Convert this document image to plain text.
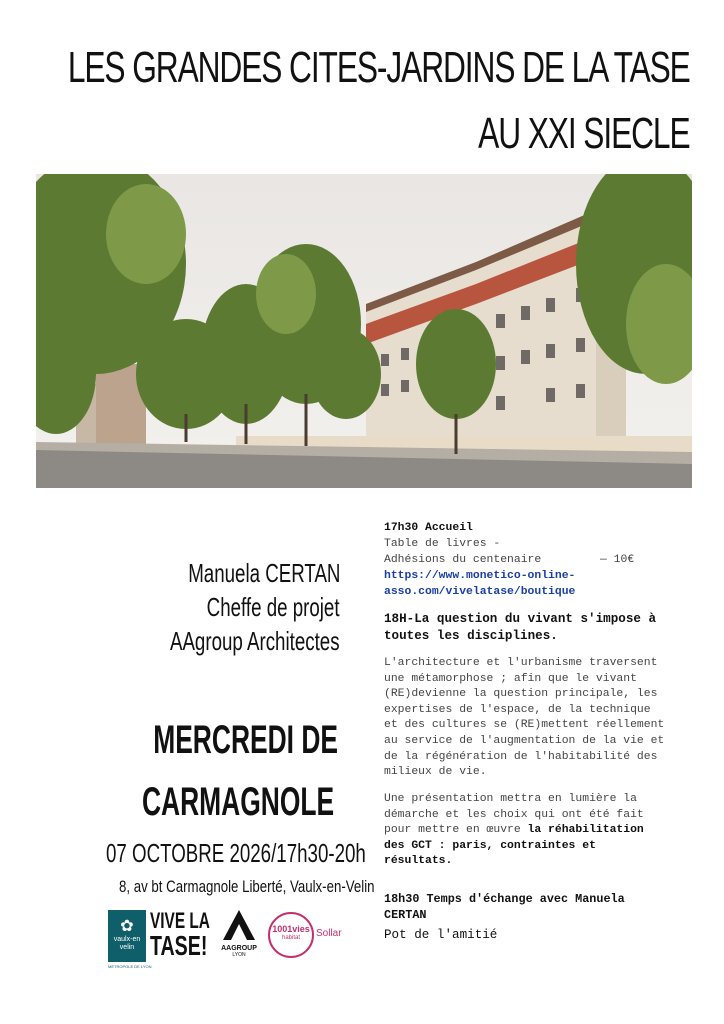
LES GRANDES CITES-JARDINS DE LA TASE
AU XXI SIECLE
Manuela CERTAN
Cheffe de projet
AAgroup Architectes
MERCREDI DE
CARMAGNOLE
07 OCTOBRE 2026/17h30-20h
8, av bt Carmagnole Liberté, Vaulx-en-Velin
✿
vaulx-en
velin
MÉTROPOLE DE LYON
VIVE LA
TASE!	AAGROUP
LYON
1001vies
habitat	Sollar
17h30 Accueil
Table de livres -
Adhésions du centenaire	— 10€
https://www.monetico-online-
asso.com/vivelatase/boutique
18H-La question du vivant s'impose à
toutes les disciplines.
L'architecture et l'urbanisme traversent
une métamorphose ; afin que le vivant
(RE)devienne la question principale, les
expertises de l'espace, de la technique
et des cultures se (RE)mettent réellement
au service de l'augmentation de la vie et
de la régénération de l'habitabilité des
milieux de vie.
Une présentation mettra en lumière la
démarche et les choix qui ont été fait
pour mettre en œuvre la réhabilitation
des GCT : paris, contraintes et
résultats.
18h30 Temps d'échange avec Manuela
CERTAN
Pot de l'amitié
